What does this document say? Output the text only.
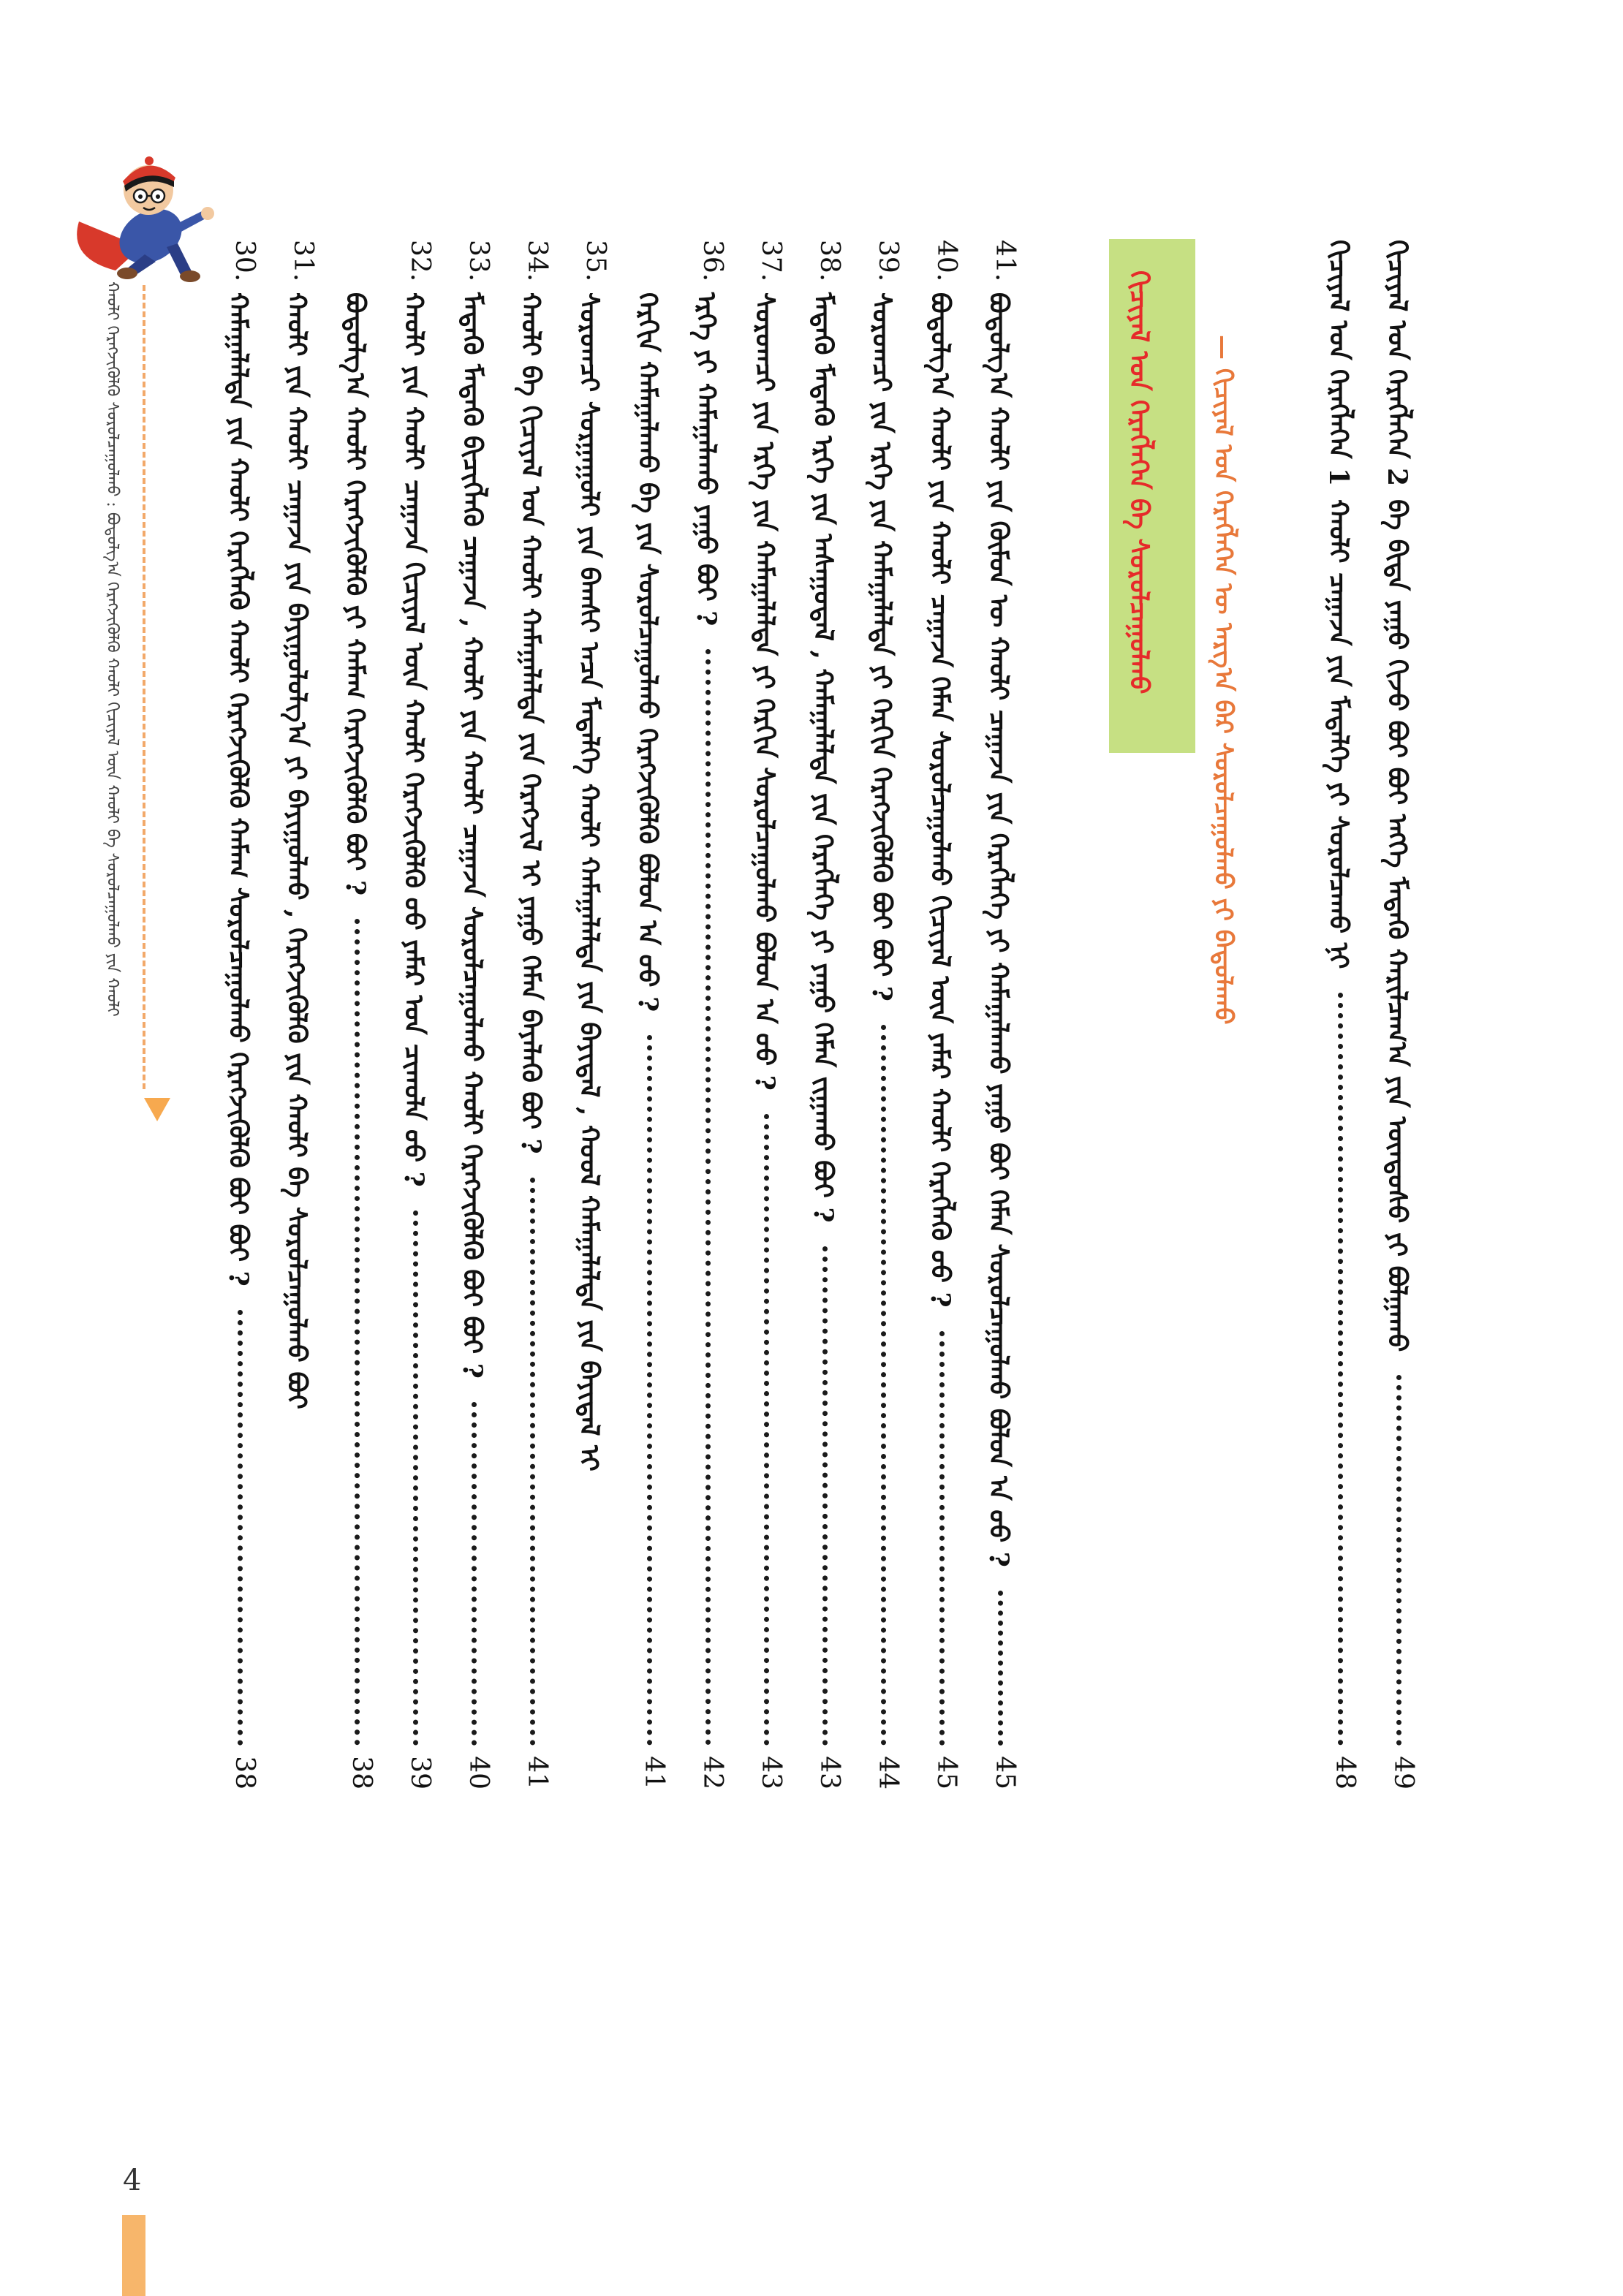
ᠬᠢᠴᠢᠶᠡᠯ ᠤᠨ ᠬᠡᠷᠡᠭᠯᠡᠭᠡᠨ 2
ᠪᠠ ᠪᠢᠳᠡ ᠶᠠᠭᠤ ᠬᠢᠵᠦ ᠪᠤᠢ ᠪᠤᠢ ᠡᠩᠬᠡ ᠮᠡᠳᠡᠬᠦ ᠬᠠᠷᠢᠯᠴᠠᠭ᠎ᠠ ᠶᠢᠨ ᠦᠨᠳᠦᠰᠦ ᠶᠢ ᠪᠤᠯᠭᠠᠬᠤ
49
ᠬᠢᠴᠢᠶᠡᠯ ᠤᠨ ᠬᠡᠷᠡᠭᠯᠡᠭᠡᠨ 1
ᠬᠠᠤᠯᠢ ᠴᠠᠭᠠᠵᠠ ᠶᠢᠨ ᠮᠡᠳᠡᠯᠭᠡ ᠶᠢ ᠰᠤᠷᠤᠯᠴᠠᠬᠤ ᠨᠢ
48
— ᠬᠢᠴᠢᠶᠡᠯ ᠤᠨ ᠬᠡᠷᠡᠭᠯᠡᠭᠡᠨ ᠦ ᠠᠷᠭ᠎ᠠ ᠪᠠᠷ ᠰᠤᠷᠤᠯᠴᠠᠭᠤᠯᠬᠤ ᠶᠢ ᠪᠠᠲᠤᠯᠠᠬᠤ
ᠬᠢᠴᠢᠶᠡᠯ ᠤᠨ ᠬᠡᠷᠡᠭᠯᠡᠭᠡᠨ ᠪᠠ ᠰᠤᠷᠤᠯᠴᠠᠭᠤᠯᠬᠤ
41.
ᠪᠤᠳᠤᠯᠭ᠎ᠠ ᠬᠠᠤᠯᠢ ᠶᠢᠨ ᠬᠦᠮᠦᠨ ᠦ ᠬᠠᠤᠯᠢ ᠴᠠᠭᠠᠵᠠ ᠶᠢᠨ ᠬᠡᠷᠡᠭᠯᠡᠭᠡ ᠶᠢ ᠬᠠᠮᠠᠭᠠᠯᠠᠬᠤ ᠶᠠᠭᠤ ᠪᠤᠢ ᠬᠡᠮᠡᠨ ᠰᠤᠷᠤᠯᠴᠠᠭᠤᠯᠬᠤ ᠪᠤᠯᠤᠨ ᠠ ᠤᠤ ?
45
40.
ᠪᠤᠳᠤᠯᠭ᠎ᠠ ᠬᠠᠤᠯᠢ ᠶᠢᠨ ᠬᠠᠤᠯᠢ ᠴᠠᠭᠠᠵᠠ ᠬᠡᠮᠡᠨ ᠰᠤᠷᠤᠯᠴᠠᠭᠤᠯᠬᠤ ᠬᠢᠴᠢᠶᠡᠯ ᠦᠨ ᠶᠠᠮᠠᠷ ᠬᠠᠤᠯᠢ ᠬᠡᠷᠡᠭᠯᠡᠬᠦ ᠤᠤ ?
45
39.
ᠰᠤᠷᠤᠭᠴᠢ ᠶᠢᠨ ᠡᠷᠬᠡ ᠶᠢᠨ ᠬᠠᠮᠠᠭᠠᠯᠠᠯᠲᠠ ᠶᠢ ᠬᠡᠷᠬᠢᠨ ᠬᠡᠷᠡᠭᠵᠢᠭᠦᠯᠬᠦ ᠪᠤᠢ ᠪᠤᠢ ?
44
38.
ᠮᠡᠳᠡᠬᠦ ᠮᠡᠳᠡᠬᠦ ᠡᠷᠬᠡ ᠶᠢᠨ ᠠᠰᠠᠭᠤᠳᠠᠯ , ᠬᠠᠮᠠᠭᠠᠯᠠᠯᠲᠠ ᠶᠢᠨ ᠬᠡᠷᠡᠭᠯᠡᠭᠡ ᠶᠢ ᠶᠠᠭᠤ ᠬᠡᠮᠡᠨ ᠵᠢᠭᠠᠬᠤ ᠪᠤᠢ ?
43
37.
ᠰᠤᠷᠤᠭᠴᠢ ᠶᠢᠨ ᠡᠷᠬᠡ ᠶᠢᠨ ᠬᠠᠮᠠᠭᠠᠯᠠᠯᠲᠠ ᠶᠢ ᠬᠡᠷᠬᠢᠨ ᠰᠤᠷᠤᠯᠴᠠᠭᠤᠯᠬᠤ ᠪᠤᠯᠤᠨ ᠠ ᠤᠤ ?
43
36.
ᠡᠷᠬᠡ ᠶᠢ ᠬᠠᠮᠠᠭᠠᠯᠠᠬᠤ ᠶᠠᠭᠤ ᠪᠤᠢ ?
42
ᠬᠡᠷᠬᠢᠨ ᠬᠠᠮᠠᠭᠠᠯᠠᠬᠤ ᠪᠠ ᠶᠢᠨ ᠰᠤᠷᠤᠯᠴᠠᠭᠤᠯᠬᠤ ᠬᠡᠷᠡᠭᠵᠢᠭᠦᠯᠬᠦ ᠪᠤᠯᠤᠨ ᠠ ᠤᠤ ?
41
35.
ᠰᠤᠷᠤᠭᠴᠢ ᠰᠤᠷᠭᠠᠭᠤᠯᠢ ᠶᠢᠨ ᠪᠠᠭᠰᠢ ᠠᠴᠠ ᠮᠡᠳᠡᠯᠭᠡ ᠬᠠᠤᠯᠢ ᠬᠠᠮᠠᠭᠠᠯᠠᠯᠲᠠ ᠶᠢᠨ ᠪᠠᠶᠢᠳᠠᠯ , ᠬᠤᠤᠯ ᠬᠠᠮᠠᠭᠠᠯᠠᠯᠲᠠ ᠶᠢᠨ ᠪᠠᠶᠢᠳᠠᠯ ᠢ
34.
ᠬᠠᠤᠯᠢ ᠪᠠ ᠬᠢᠴᠢᠶᠡᠯ ᠤᠨ ᠬᠠᠤᠯᠢ ᠬᠠᠮᠠᠭᠠᠯᠠᠯᠲᠠ ᠶᠢᠨ ᠬᠡᠷᠡᠭᠵᠢᠯ ᠢ ᠶᠠᠭᠤ ᠬᠡᠮᠡᠨ ᠪᠡᠶᠡᠯᠡᠬᠦ ᠪᠤᠢ ?
41
33.
ᠮᠡᠳᠡᠬᠦ ᠮᠡᠳᠡᠬᠦ ᠪᠢᠴᠢᠭᠯᠡᠬᠦ ᠴᠠᠭᠠᠵᠠ , ᠬᠠᠤᠯᠢ ᠶᠢᠨ ᠬᠠᠤᠯᠢ ᠴᠠᠭᠠᠵᠠ ᠰᠤᠷᠤᠯᠴᠠᠭᠤᠯᠬᠤ ᠬᠠᠤᠯᠢ ᠬᠡᠷᠡᠭᠵᠢᠭᠦᠯᠬᠦ ᠪᠤᠢ ᠪᠤᠢ ?
40
32.
ᠬᠠᠤᠯᠢ ᠶᠢᠨ ᠬᠠᠤᠯᠢ ᠴᠠᠭᠠᠵᠠ ᠬᠢᠴᠢᠶᠡᠯ ᠦᠨ ᠬᠠᠤᠯᠢ ᠬᠡᠷᠡᠭᠵᠢᠭᠦᠯᠬᠦ ᠤᠤ ᠶᠠᠮᠠᠷ ᠤᠨ ᠴᠢᠬᠤᠯᠠ ᠤᠤ ?
39
ᠪᠤᠳᠤᠯᠭ᠎ᠠ ᠬᠠᠤᠯᠢ ᠬᠡᠷᠡᠭᠵᠢᠭᠦᠯᠬᠦ ᠶᠢ ᠬᠠᠮᠠᠭ ᠬᠡᠷᠡᠭᠵᠢᠭᠦᠯᠬᠦ ᠪᠤᠢ ?
38
31.
ᠬᠠᠤᠯᠢ ᠶᠢᠨ ᠬᠠᠤᠯᠢ ᠴᠠᠭᠠᠵᠠ ᠶᠢᠨ ᠪᠠᠶᠢᠭᠤᠯᠤᠯᠭ᠎ᠠ ᠶᠢ ᠪᠠᠶᠢᠭᠤᠯᠬᠤ , ᠬᠡᠷᠡᠭᠵᠢᠭᠦᠯᠬᠦ ᠶᠢᠨ ᠬᠠᠤᠯᠢ ᠪᠠ ᠰᠤᠷᠤᠯᠴᠠᠭᠤᠯᠬᠤ ᠪᠤᠢ
30.
ᠬᠠᠮᠠᠭᠠᠯᠠᠯᠲᠠ ᠶᠢᠨ ᠬᠠᠤᠯᠢ ᠬᠡᠷᠡᠭᠯᠡᠬᠦ ᠬᠠᠤᠯᠢ ᠬᠡᠷᠡᠭᠵᠢᠭᠦᠯᠬᠦ ᠬᠠᠮᠠᠭ ᠰᠤᠷᠤᠯᠴᠠᠭᠤᠯᠬᠤ ᠬᠡᠷᠡᠭᠵᠢᠭᠦᠯᠬᠦ ᠪᠤᠢ ᠪᠤᠢ ?
38
ᠬᠠᠤᠯᠢ ᠬᠡᠷᠡᠭᠵᠢᠭᠦᠯᠬᠦ ᠰᠤᠷᠤᠯᠴᠠᠭᠤᠯᠬᠤ : ᠪᠤᠳᠤᠯᠭ᠎ᠠ ᠬᠡᠷᠡᠭᠵᠢᠭᠦᠯᠬᠦ ᠬᠠᠤᠯᠢ ᠬᠢᠴᠢᠶᠡᠯ ᠦᠨ ᠬᠠᠤᠯᠢ ᠪᠠ ᠰᠤᠷᠤᠯᠴᠠᠭᠤᠯᠬᠤ ᠶᠢᠨ ᠬᠠᠤᠯᠢ
4
